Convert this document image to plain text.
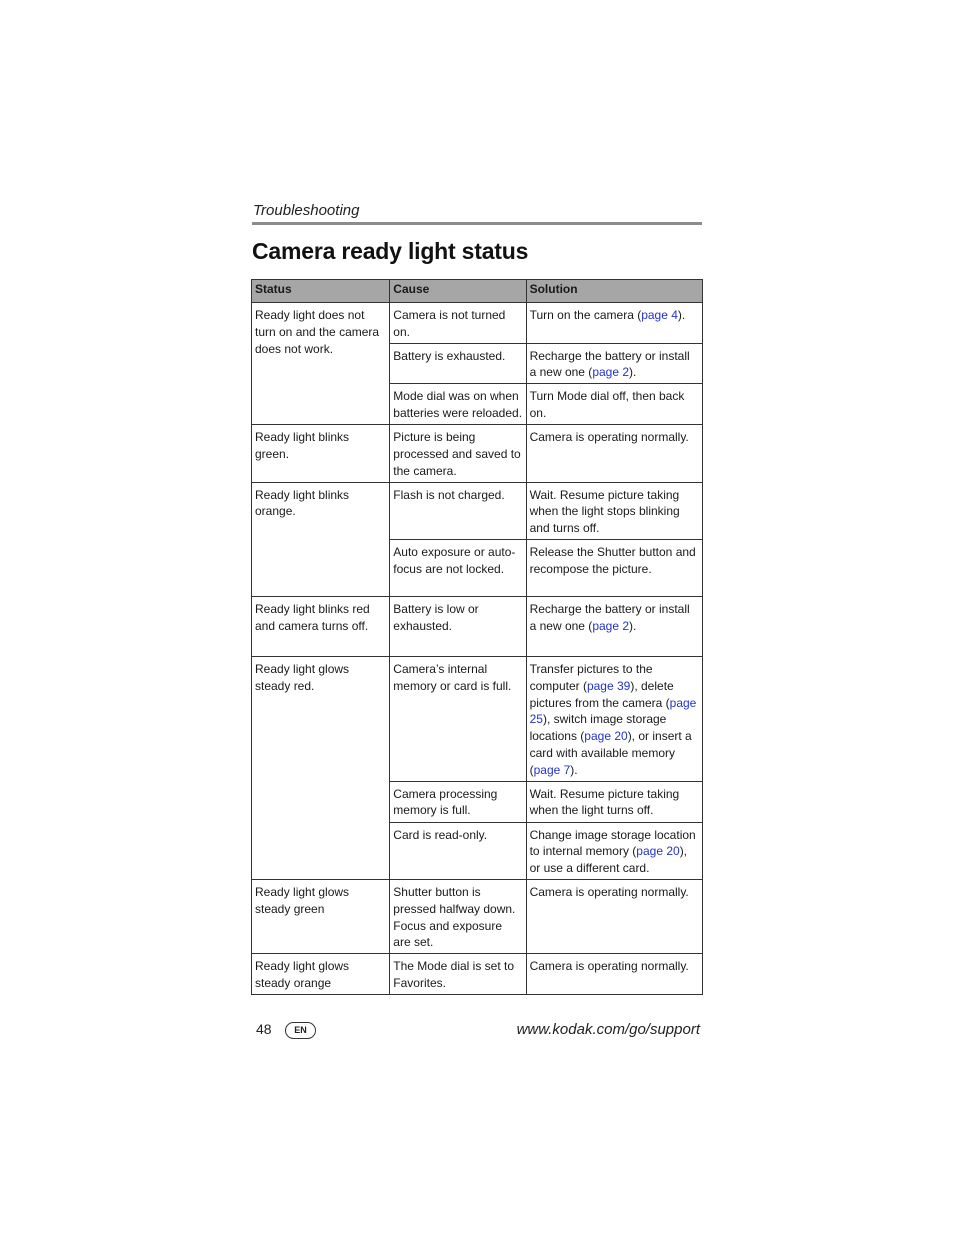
Troubleshooting
Camera ready light status
Status	Cause	Solution
Ready light does not turn on and the camera does not work.	Camera is not turned on.	Turn on the camera (page 4).
	Battery is exhausted.	Recharge the battery or install a new one (page 2).
	Mode dial was on when batteries were reloaded.	Turn Mode dial off, then back on.
Ready light blinks green.	Picture is being processed and saved to the camera.	Camera is operating normally.
Ready light blinks orange.	Flash is not charged.	Wait. Resume picture taking when the light stops blinking and turns off.
	Auto exposure or auto-focus are not locked.	Release the Shutter button and recompose the picture.
Ready light blinks red and camera turns off.	Battery is low or exhausted.	Recharge the battery or install a new one (page 2).
Ready light glows steady red.	Camera’s internal memory or card is full.	Transfer pictures to the computer (page 39), delete pictures from the camera (page 25), switch image storage locations (page 20), or insert a card with available memory (page 7).
	Camera processing memory is full.	Wait. Resume picture taking when the light turns off.
	Card is read-only.	Change image storage location to internal memory (page 20), or use a different card.
Ready light glows steady green	Shutter button is pressed halfway down. Focus and exposure are set.	Camera is operating normally.
Ready light glows steady orange	The Mode dial is set to Favorites.	Camera is operating normally.
48	EN	www.kodak.com/go/support
